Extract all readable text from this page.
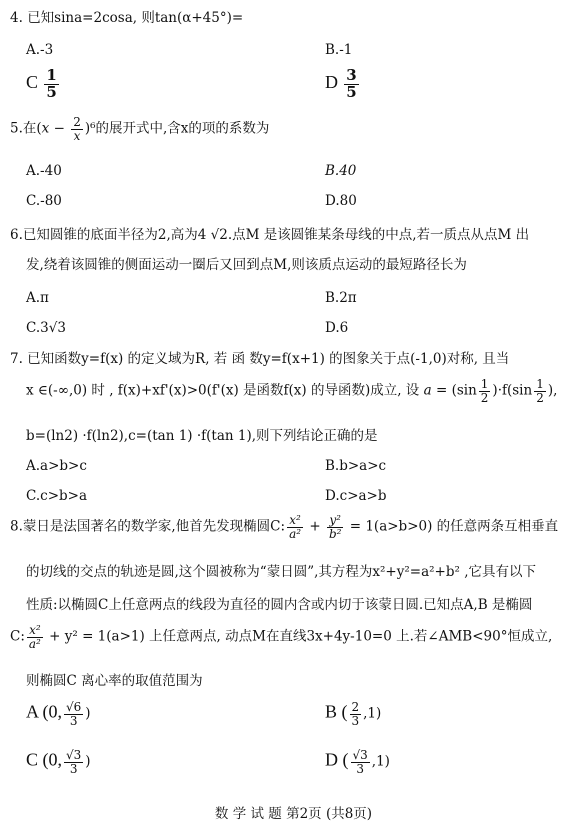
4. 已知sina=2cosa, 则tan(α+45°)=
A.-3	B.-1
C $\frac{1}{5}$	D $\frac{3}{5}$
5.在$(x - \frac{2}{x} )^6$的展开式中,含x的项的系数为
A.-40	B.40
C.-80	D.80
6.已知圆锥的底面半径为2,高为4 √2.点M 是该圆锥某条母线的中点,若一质点从点M 出
发,绕着该圆锥的侧面运动一圈后又回到点M,则该质点运动的最短路径长为
A.π	B.2π
C.3√3	D.6
7. 已知函数y=f(x) 的定义域为R, 若 函 数y=f(x+1) 的图象关于点(-1,0)对称, 且当
x ∈(-∞,0) 时 , f(x)+xf'(x)>0(f'(x) 是函数f(x) 的导函数)成立, 设 $a = (\sin \frac{1}{2} )\cdot f(\sin \frac{1}{2}$ ),
b=(ln2) ·f(ln2),c=(tan 1) ·f(tan 1),则下列结论正确的是
A.a>b>c	B.b>a>c
C.c>b>a	D.c>a>b
8.蒙日是法国著名的数学家,他首先发现椭圆C: $\frac{\text{x²}}{\text{a²}} + \frac{\text{y²}}{\text{b²}} = 1(a>b>0)$ 的任意两条互相垂直
的切线的交点的轨迹是圆,这个圆被称为“蒙日圆”,其方程为x²+y²=a²+b² ,它具有以下
性质:以椭圆C上任意两点的线段为直径的圆内含或内切于该蒙日圆.已知点A,B 是椭圆
C: $\frac{\text{x²}}{\text{a²}} + y^2 = 1(a>1)$ 上任意两点, 动点M在直线3x+4y-10=0 上.若∠AMB<90°恒成立,
则椭圆C 离心率的取值范围为
A (0, $\frac{√6}{3}$ )	B ( $\frac{2}{3} ,1$)
C (0, $\frac{√3}{3}$ )	D ( $\frac{√3}{3} ,1$)
数 学 试 题 第2页 (共8页)
